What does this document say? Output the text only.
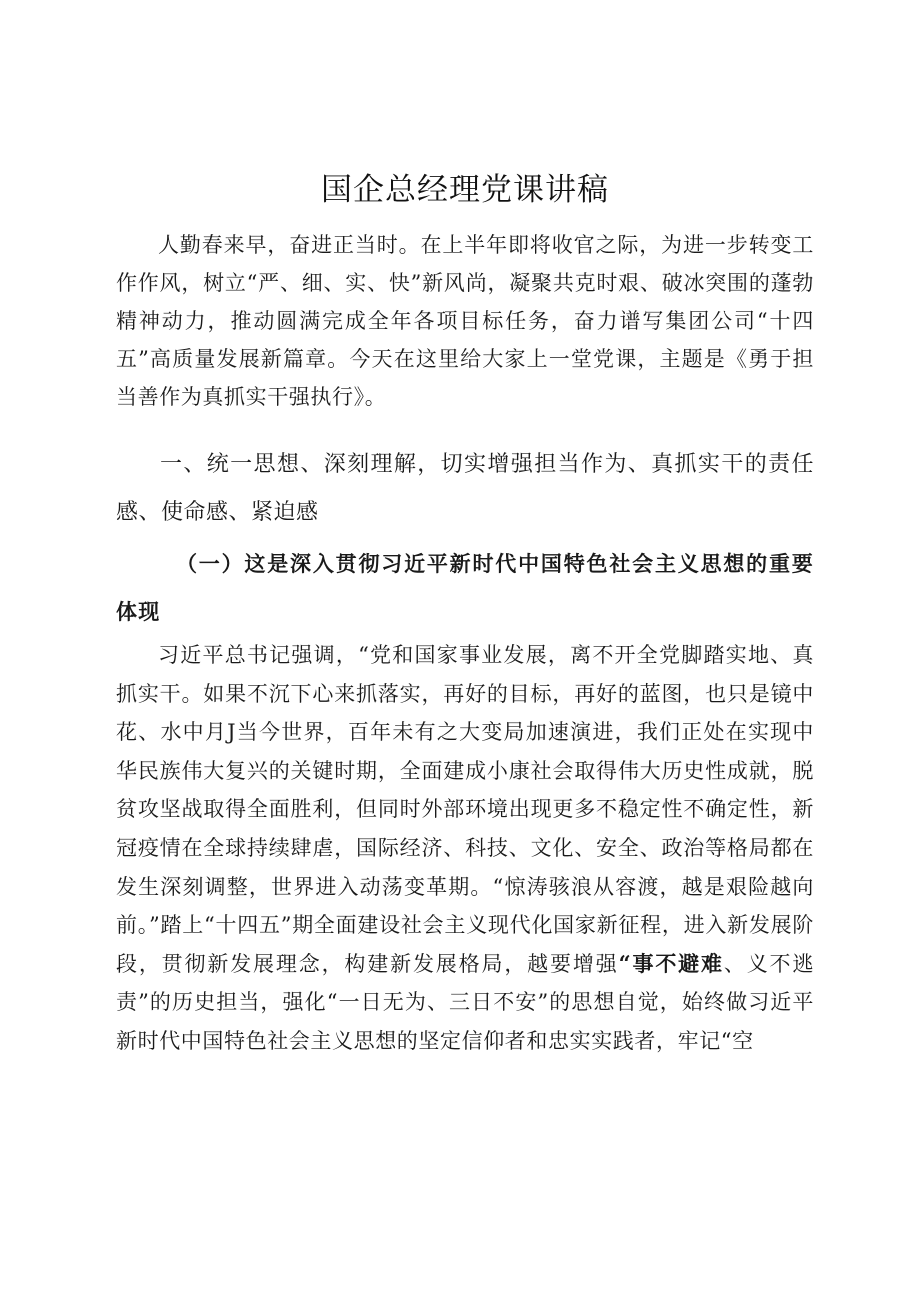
国企总经理党课讲稿

人勤春来早，奋进正当时。在上半年即将收官之际，为进一步转变工作作风，树立“严、细、实、快”新风尚，凝聚共克时艰、破冰突围的蓬勃精神动力，推动圆满完成全年各项目标任务，奋力谱写集团公司“十四五”高质量发展新篇章。今天在这里给大家上一堂党课，主题是《勇于担当善作为真抓实干强执行》。

一、统一思想、深刻理解，切实增强担当作为、真抓实干的责任感、使命感、紧迫感

（一）这是深入贯彻习近平新时代中国特色社会主义思想的重要体现

习近平总书记强调，“党和国家事业发展，离不开全党脚踏实地、真抓实干。如果不沉下心来抓落实，再好的目标，再好的蓝图，也只是镜中花、水中月J当今世界，百年未有之大变局加速演进，我们正处在实现中华民族伟大复兴的关键时期，全面建成小康社会取得伟大历史性成就，脱贫攻坚战取得全面胜利，但同时外部环境出现更多不稳定性不确定性，新冠疫情在全球持续肆虐，国际经济、科技、文化、安全、政治等格局都在发生深刻调整，世界进入动荡变革期。“惊涛骇浪从容渡，越是艰险越向前。”踏上“十四五”期全面建设社会主义现代化国家新征程，进入新发展阶段，贯彻新发展理念，构建新发展格局，越要增强“事不避难、义不逃责”的历史担当，强化“一日无为、三日不安”的思想自觉，始终做习近平新时代中国特色社会主义思想的坚定信仰者和忠实实践者，牢记“空
